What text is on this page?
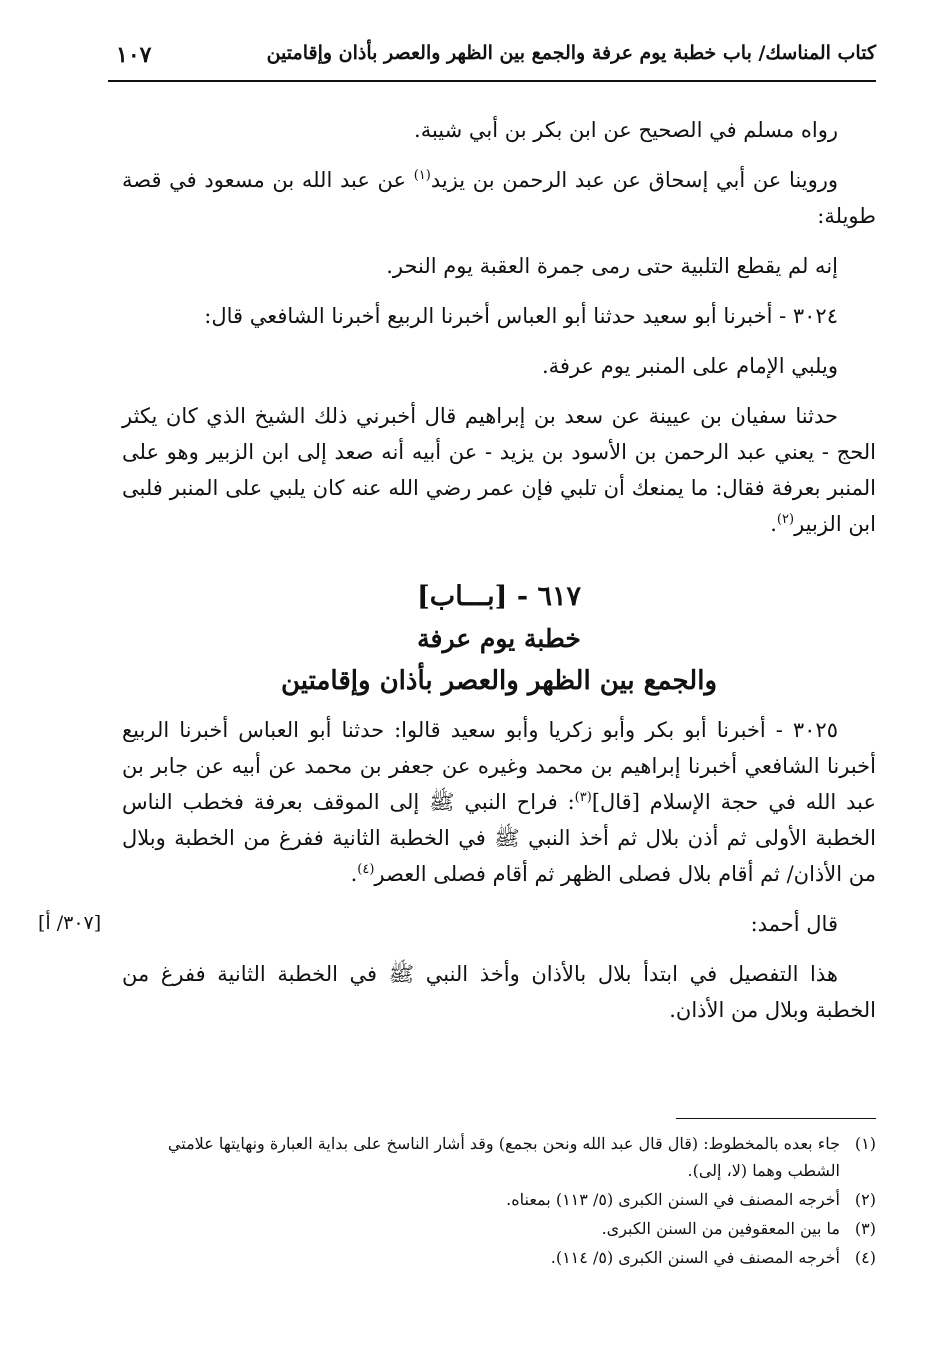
كتاب المناسك/ باب خطبة يوم عرفة والجمع بين الظهر والعصر بأذان وإقامتين
١٠٧

رواه مسلم في الصحيح عن ابن بكر بن أبي شيبة.

وروينا عن أبي إسحاق عن عبد الرحمن بن يزيد$^{(١)}$ عن عبد الله بن مسعود في قصة طويلة:

إنه لم يقطع التلبية حتى رمى جمرة العقبة يوم النحر.

٣٠٢٤ - أخبرنا أبو سعيد حدثنا أبو العباس أخبرنا الربيع أخبرنا الشافعي قال:

ويلبي الإمام على المنبر يوم عرفة.

حدثنا سفيان بن عيينة عن سعد بن إبراهيم قال أخبرني ذلك الشيخ الذي كان يكثر الحج - يعني عبد الرحمن بن الأسود بن يزيد - عن أبيه أنه صعد إلى ابن الزبير وهو على المنبر بعرفة فقال: ما يمنعك أن تلبي فإن عمر رضي الله عنه كان يلبي على المنبر فلبى ابن الزبير$^{(٢)}$.

٦١٧ - [بـــاب]
خطبة يوم عرفة
والجمع بين الظهر والعصر بأذان وإقامتين

٣٠٢٥ - أخبرنا أبو بكر وأبو زكريا وأبو سعيد قالوا: حدثنا أبو العباس أخبرنا الربيع أخبرنا الشافعي أخبرنا إبراهيم بن محمد وغيره عن جعفر بن محمد عن أبيه عن جابر بن عبد الله في حجة الإسلام [قال]$^{(٣)}$: فراح النبي ﷺ إلى الموقف بعرفة فخطب الناس الخطبة الأولى ثم أذن بلال ثم أخذ النبي ﷺ في الخطبة الثانية ففرغ من الخطبة وبلال من الأذان/ ثم أقام بلال فصلى الظهر ثم أقام فصلى العصر$^{(٤)}$.

قال أحمد:

هذا التفصيل في ابتدأ بلال بالأذان وأخذ النبي ﷺ في الخطبة الثانية ففرغ من الخطبة وبلال من الأذان.

[٣٠٧/ أ]
(١)
جاء بعده بالمخطوط: (قال قال عبد الله ونحن بجمع) وقد أشار الناسخ على بداية العبارة ونهايتها علامتي الشطب وهما (لا، إلى).
(٢)
أخرجه المصنف في السنن الكبرى (٥/ ١١٣) بمعناه.
(٣)
ما بين المعقوفين من السنن الكبرى.
(٤)
أخرجه المصنف في السنن الكبرى (٥/ ١١٤).
